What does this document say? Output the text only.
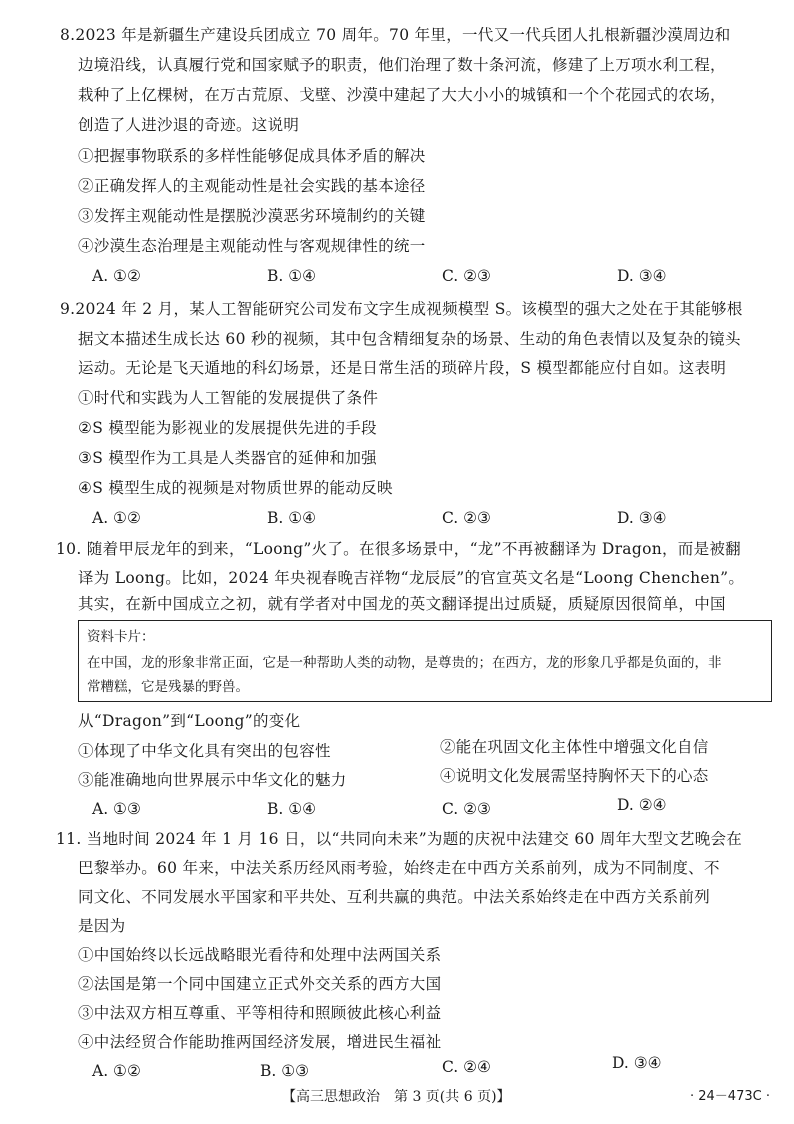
8.2023 年是新疆生产建设兵团成立 70 周年。70 年里，一代又一代兵团人扎根新疆沙漠周边和
边境沿线，认真履行党和国家赋予的职责，他们治理了数十条河流，修建了上万项水利工程，
栽种了上亿棵树，在万古荒原、戈壁、沙漠中建起了大大小小的城镇和一个个花园式的农场，
创造了人进沙退的奇迹。这说明
①把握事物联系的多样性能够促成具体矛盾的解决
②正确发挥人的主观能动性是社会实践的基本途径
③发挥主观能动性是摆脱沙漠恶劣环境制约的关键
④沙漠生态治理是主观能动性与客观规律性的统一
A. ①②	B. ①④	C. ②③	D. ③④
9.2024 年 2 月，某人工智能研究公司发布文字生成视频模型 S。该模型的强大之处在于其能够根
据文本描述生成长达 60 秒的视频，其中包含精细复杂的场景、生动的角色表情以及复杂的镜头
运动。无论是飞天遁地的科幻场景，还是日常生活的琐碎片段，S 模型都能应付自如。这表明
①时代和实践为人工智能的发展提供了条件
②S 模型能为影视业的发展提供先进的手段
③S 模型作为工具是人类器官的延伸和加强
④S 模型生成的视频是对物质世界的能动反映
A. ①②	B. ①④	C. ②③	D. ③④
10. 随着甲辰龙年的到来，“Loong”火了。在很多场景中，“龙”不再被翻译为 Dragon，而是被翻
译为 Loong。比如，2024 年央视春晚吉祥物“龙辰辰”的官宣英文名是“Loong Chenchen”。
其实，在新中国成立之初，就有学者对中国龙的英文翻译提出过质疑，质疑原因很简单，中国
资料卡片：
在中国，龙的形象非常正面，它是一种帮助人类的动物，是尊贵的；在西方，龙的形象几乎都是负面的，非
常糟糕，它是残暴的野兽。
从“Dragon”到“Loong”的变化
①体现了中华文化具有突出的包容性	②能在巩固文化主体性中增强文化自信
③能准确地向世界展示中华文化的魅力	④说明文化发展需坚持胸怀天下的心态
A. ①③	B. ①④	C. ②③	D. ②④
11. 当地时间 2024 年 1 月 16 日，以“共同向未来”为题的庆祝中法建交 60 周年大型文艺晚会在
巴黎举办。60 年来，中法关系历经风雨考验，始终走在中西方关系前列，成为不同制度、不
同文化、不同发展水平国家和平共处、互利共赢的典范。中法关系始终走在中西方关系前列
是因为
①中国始终以长远战略眼光看待和处理中法两国关系
②法国是第一个同中国建立正式外交关系的西方大国
③中法双方相互尊重、平等相待和照顾彼此核心利益
④中法经贸合作能助推两国经济发展，增进民生福祉
A. ①②	B. ①③	C. ②④	D. ③④
【高三思想政治　第 3 页(共 6 页)】	· 24－473C ·
